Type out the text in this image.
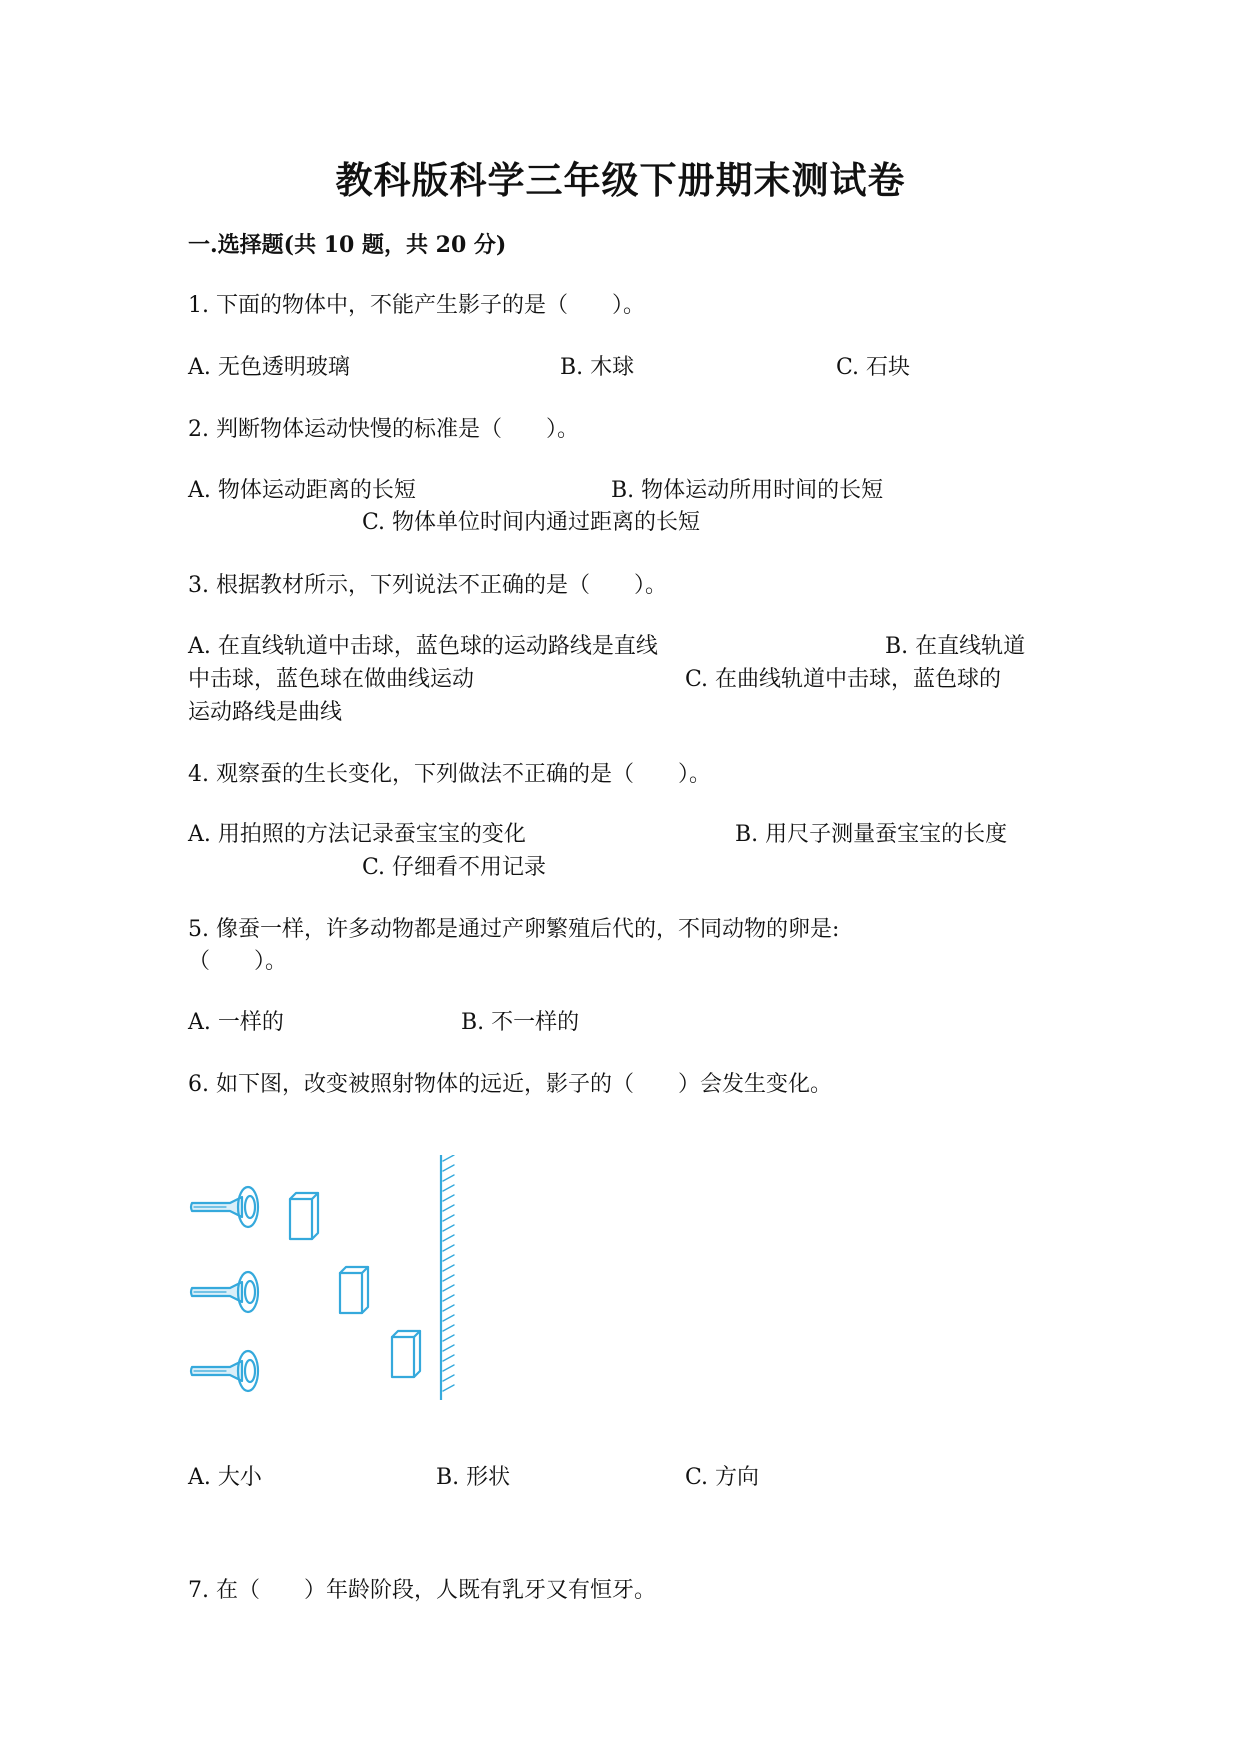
教科版科学三年级下册期末测试卷
一.选择题(共 10 题，共 20 分)
1. 下面的物体中，不能产生影子的是（　　）。
A. 无色透明玻璃	B. 木球	C. 石块
2. 判断物体运动快慢的标准是（　　）。
A. 物体运动距离的长短	B. 物体运动所用时间的长短
C. 物体单位时间内通过距离的长短
3. 根据教材所示，下列说法不正确的是（　　）。
A. 在直线轨道中击球，蓝色球的运动路线是直线	B. 在直线轨道
中击球，蓝色球在做曲线运动	C. 在曲线轨道中击球，蓝色球的
运动路线是曲线
4. 观察蚕的生长变化，下列做法不正确的是（　　）。
A. 用拍照的方法记录蚕宝宝的变化	B. 用尺子测量蚕宝宝的长度
C. 仔细看不用记录
5. 像蚕一样，许多动物都是通过产卵繁殖后代的，不同动物的卵是:
（　　）。
A. 一样的	B. 不一样的
6. 如下图，改变被照射物体的远近，影子的（　　）会发生变化。
A. 大小	B. 形状	C. 方向
7. 在（　　）年龄阶段，人既有乳牙又有恒牙。
